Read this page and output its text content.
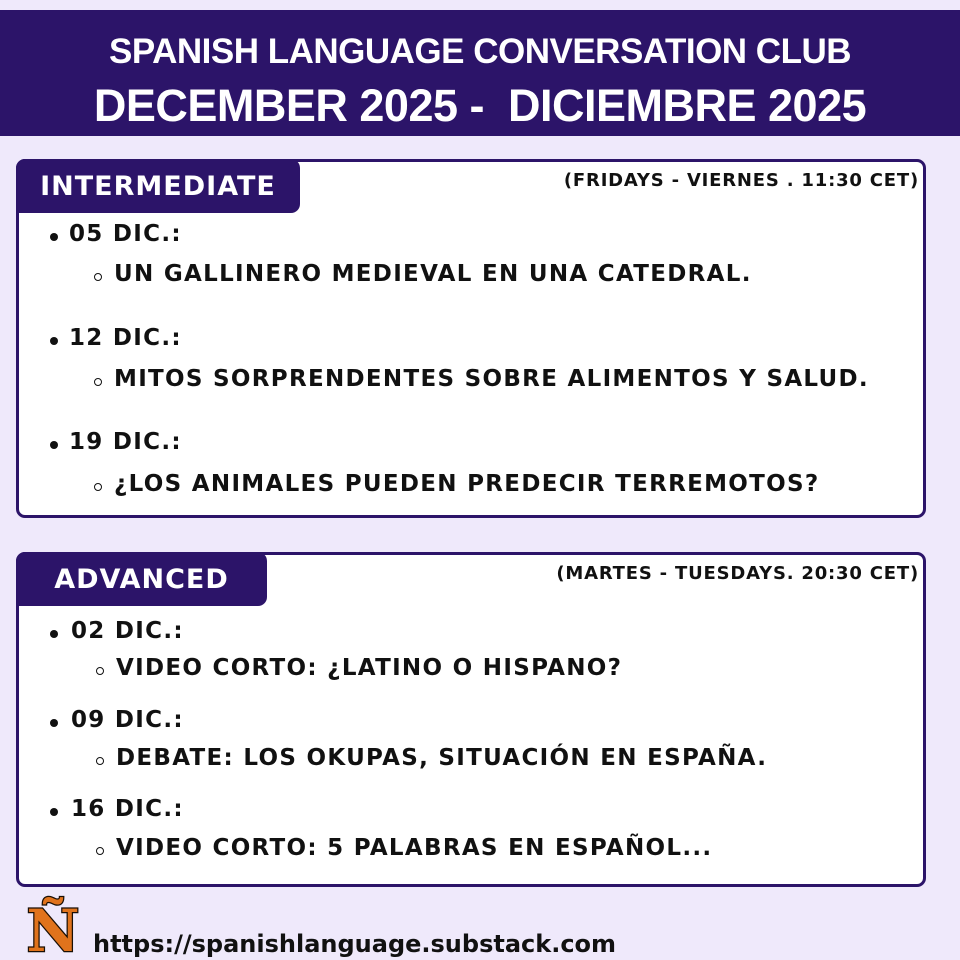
SPANISH LANGUAGE CONVERSATION CLUB
DECEMBER 2025 -  DICIEMBRE 2025
INTERMEDIATE	(FRIDAYS - VIERNES . 11:30 CET)
05 DIC.:
UN GALLINERO MEDIEVAL EN UNA CATEDRAL.
12 DIC.:
MITOS SORPRENDENTES SOBRE ALIMENTOS Y SALUD.
19 DIC.:
¿LOS ANIMALES PUEDEN PREDECIR TERREMOTOS?
ADVANCED	(MARTES - TUESDAYS. 20:30 CET)
02 DIC.:
VIDEO CORTO: ¿LATINO O HISPANO?
09 DIC.:
DEBATE: LOS OKUPAS, SITUACIÓN EN ESPAÑA.
16 DIC.:
VIDEO CORTO: 5 PALABRAS EN ESPAÑOL...
Ñ https://spanishlanguage.substack.com
